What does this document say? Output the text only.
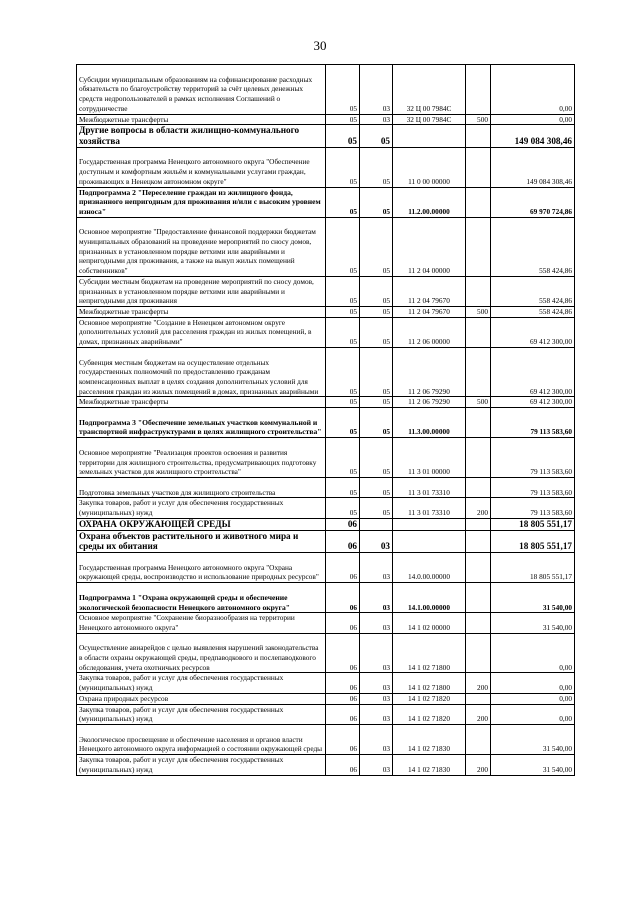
30
Субсидии муниципальным образованиям на софинансирование расходных обязательств по благоустройству территорий за счёт целевых денежных средств недропользователей в рамках исполнения Соглашений о сотрудничестве	05	03	32 Ц 00 7984С		0,00
Межбюджетные трансферты	05	03	32 Ц 00 7984С	500	0,00
Другие вопросы в области жилищно-коммунального хозяйства	05	05			149 084 308,46
Государственная программа Ненецкого автономного округа "Обеспечение доступным и комфортным жильём и коммунальными услугами граждан, проживающих в Ненецком автономном округе"	05	05	11 0 00 00000		149 084 308,46
Подпрограмма 2 "Переселение граждан из жилищного фонда, признанного непригодным для проживания и/или с высоким уровнем износа"	05	05	11.2.00.00000		69 970 724,86
Основное мероприятие "Предоставление финансовой поддержки бюджетам муниципальных образований на проведение мероприятий по сносу домов, признанных в установленном порядке ветхими или аварийными и непригодными для проживания, а также на выкуп жилых помещений собственников"	05	05	11 2 04 00000		558 424,86
Субсидии местным бюджетам на проведение мероприятий по сносу домов, признанных в установленном порядке ветхими или аварийными и непригодными для проживания	05	05	11 2 04 79670		558 424,86
Межбюджетные трансферты	05	05	11 2 04 79670	500	558 424,86
Основное мероприятие "Создание в Ненецком автономном округе дополнительных условий для расселения граждан из жилых помещений, в домах, признанных аварийными"	05	05	11 2 06 00000		69 412 300,00
Субвенция местным бюджетам на осуществление отдельных государственных полномочий по предоставлению гражданам компенсационных выплат в целях создания дополнительных условий для расселения граждан из жилых помещений в домах, признанных аварийными	05	05	11 2 06 79290		69 412 300,00
Межбюджетные трансферты	05	05	11 2 06 79290	500	69 412 300,00
Подпрограмма 3 "Обеспечение земельных участков коммунальной и транспортной инфраструктурами в целях жилищного строительства"	05	05	11.3.00.00000		79 113 583,60
Основное мероприятие "Реализация проектов освоения и развития территории для жилищного строительства, предусматривающих подготовку земельных участков для жилищного строительства"	05	05	11 3 01 00000		79 113 583,60
Подготовка земельных участков для жилищного строительства	05	05	11 3 01 73310		79 113 583,60
Закупка товаров, работ и услуг для обеспечения государственных (муниципальных) нужд	05	05	11 3 01 73310	200	79 113 583,60
ОХРАНА ОКРУЖАЮЩЕЙ СРЕДЫ	06				18 805 551,17
Охрана объектов растительного и животного мира и среды их обитания	06	03			18 805 551,17
Государственная программа Ненецкого автономного округа "Охрана окружающей среды, воспроизводство и использование природных ресурсов"	06	03	14.0.00.00000		18 805 551,17
Подпрограмма 1 "Охрана окружающей среды и обеспечение экологической безопасности Ненецкого автономного округа"	06	03	14.1.00.00000		31 540,00
Основное мероприятие "Сохранение биоразнообразия на территории Ненецкого автономного округа"	06	03	14 1 02 00000		31 540,00
Осуществление авиарейдов с целью выявления нарушений законодательства в области охраны окружающей среды, предпаводкового и послепаводкового обследования, учета охотничьих ресурсов	06	03	14 1 02 71800		0,00
Закупка товаров, работ и услуг для обеспечения государственных (муниципальных) нужд	06	03	14 1 02 71800	200	0,00
Охрана природных ресурсов	06	03	14 1 02 71820		0,00
Закупка товаров, работ и услуг для обеспечения государственных (муниципальных) нужд	06	03	14 1 02 71820	200	0,00
Экологическое просвещение и обеспечение населения и органов власти Ненецкого автономного округа информацией о состоянии окружающей среды	06	03	14 1 02 71830		31 540,00
Закупка товаров, работ и услуг для обеспечения государственных (муниципальных) нужд	06	03	14 1 02 71830	200	31 540,00
